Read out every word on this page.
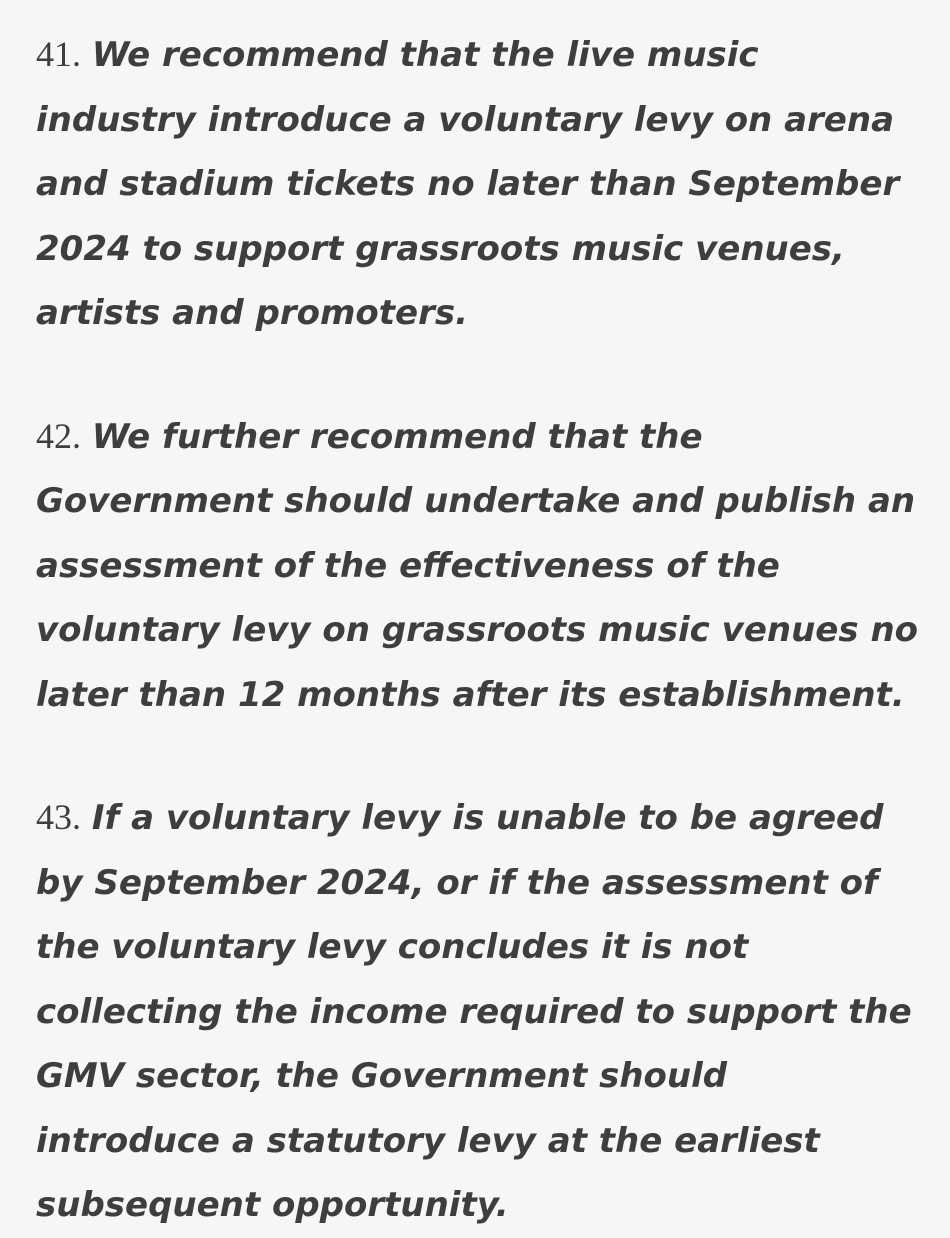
41. We recommend that the live music industry introduce a voluntary levy on arena and stadium tickets no later than September 2024 to support grassroots music venues, artists and promoters.

42. We further recommend that the Government should undertake and publish an assessment of the effectiveness of the voluntary levy on grassroots music venues no later than 12 months after its establishment.

43. If a voluntary levy is unable to be agreed by September 2024, or if the assessment of the voluntary levy concludes it is not collecting the income required to support the GMV sector, the Government should introduce a statutory levy at the earliest subsequent opportunity.
